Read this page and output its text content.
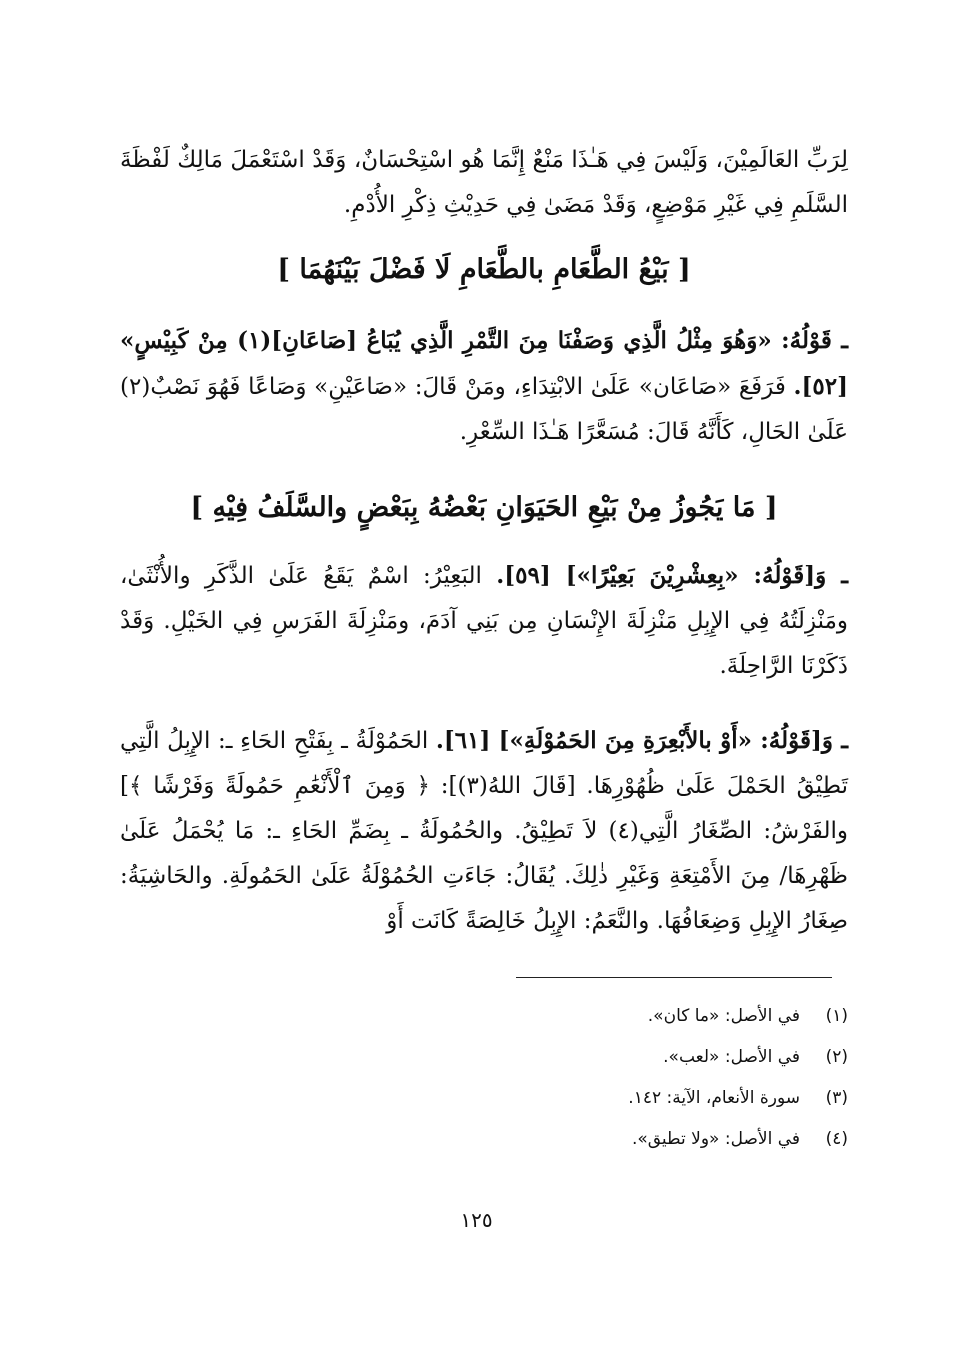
لِرَبِّ العَالَمِيْنَ، وَلَيْسَ فِي هَـٰذَا مَنْعٌ إِنَّمَا هُو اسْتِحْسَانٌ، وَقَدْ اسْتَعْمَلَ مَالِكٌ لَفْظَةَ السَّلَمِ فِي غَيْرِ مَوْضِعٍ، وَقَدْ مَضَىٰ فِي حَدِيْثِ ذِكْرِ الأُدْمِ.
[ بَيْعُ الطَّعَامِ بالطَّعَامِ لَا فَضْلَ بَيْنَهُمَا ]
ـ قَوْلُهُ: «وَهُوَ مِثْلُ الَّذِي وَصَفْنَا مِنَ التَّمْرِ الَّذِي يُبَاعُ [صَاعَانِ](١) مِنْ كَبِيْسٍ» [٥٢]. فَرَفَعَ «صَاعَان» عَلَىٰ الابْتِدَاءِ، ومَنْ قَالَ: «صَاعَيْنِ» وَصَاعًا فَهُوَ نَصْبٌ(٢) عَلَىٰ الحَالِ، كَأَنَّهُ قَالَ: مُسَعَّرًا هَـٰذَا السِّعْرِ.
[ مَا يَجُوزُ مِنْ بَيْعِ الحَيَوَانِ بَعْضُهُ بِبَعْضٍ والسَّلَفُ فِيْهِ ]
ـ وَ[قَوْلُهُ: «بِعِشْرِيْنَ بَعِيْرًا»] [٥٩]. البَعِيْرُ: اسْمٌ يَقَعُ عَلَىٰ الذَّكَرِ والأُنْثَىٰ، ومَنْزِلَتُهُ فِي الإِبِلِ مَنْزِلَةَ الإِنْسَانِ مِن بَنِي آدَمَ، ومَنْزِلَةَ الفَرَسِ فِي الخَيْلِ. وَقَدْ ذَكَرْنَا الرَّاحِلَةَ.
ـ وَ[قَوْلُهُ: «أَوْ بالأَبْعِرَةِ مِنَ الحَمُوْلَةِ»] [٦١]. الحَمُوْلَةُ ـ بِفَتْحِ الحَاءِ ـ: الإِبِلُ الَّتِي تَطِيْقُ الحَمْلَ عَلَىٰ ظُهُوْرِهَا. [قَالَ اللهُ(٣)]: ﴿ وَمِنَ ٱلْأَنْعَٰمِ حَمُولَةً وَفَرْشًا ﴾] والفَرْشُ: الصِّغَارُ الَّتِي(٤) لاَ تَطِيْقُ. والحُمُولَةُ ـ بِضَمِّ الحَاءِ ـ: مَا يُحْمَلُ عَلَىٰ ظَهْرِهَا/ مِنَ الأَمْتِعَةِ وَغَيْرِ ذٰلِكَ. يُقَالُ: جَاءَتِ الحُمُوْلَةُ عَلَىٰ الحَمُولَةِ. والحَاشِيَةُ: صِغَارُ الإِبِلِ وَضِعَافُهَا. والنَّعَمُ: الإِبِلُ خَالِصَةً كَانَت أَوْ
(١)في الأصل: «ما كان».
(٢)في الأصل: «لعب».
(٣)سورة الأنعام، الآية: ١٤٢.
(٤)في الأصل: «ولا تطيق».
١٢٥
